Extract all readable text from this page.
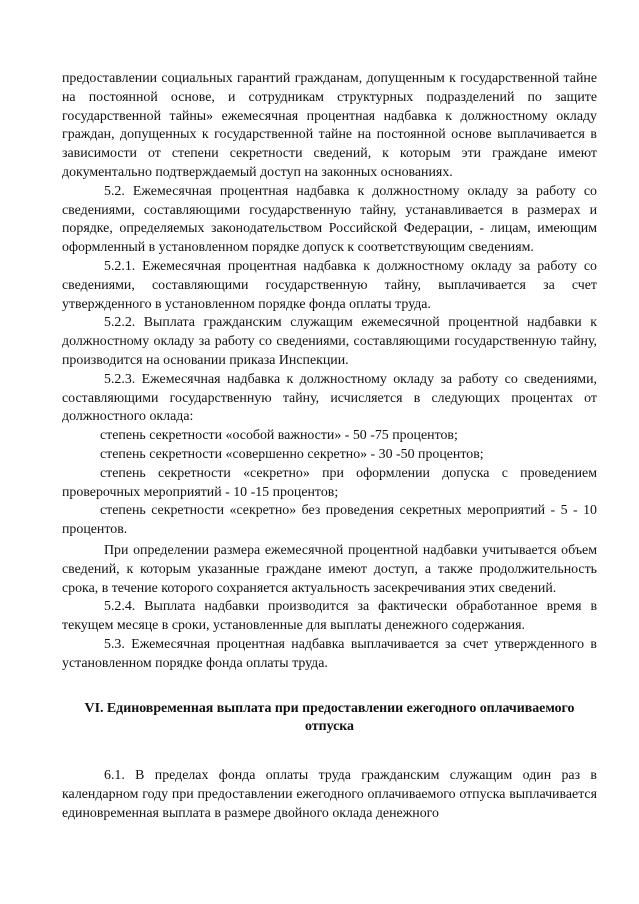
предоставлении социальных гарантий гражданам, допущенным к государственной тайне на постоянной основе, и сотрудникам структурных подразделений по защите государственной тайны» ежемесячная процентная надбавка к должностному окладу граждан, допущенных к государственной тайне на постоянной основе выплачивается в зависимости от степени секретности сведений, к которым эти граждане имеют документально подтверждаемый доступ на законных основаниях.

5.2. Ежемесячная процентная надбавка к должностному окладу за работу со сведениями, составляющими государственную тайну, устанавливается в размерах и порядке, определяемых законодательством Российской Федерации, - лицам, имеющим оформленный в установленном порядке допуск к соответствующим сведениям.

5.2.1. Ежемесячная процентная надбавка к должностному окладу за работу со сведениями, составляющими государственную тайну, выплачивается за счет утвержденного в установленном порядке фонда оплаты труда.

5.2.2. Выплата гражданским служащим ежемесячной процентной надбавки к должностному окладу за работу со сведениями, составляющими государственную тайну, производится на основании приказа Инспекции.

5.2.3. Ежемесячная надбавка к должностному окладу за работу со сведениями, составляющими государственную тайну, исчисляется в следующих процентах от должностного оклада:

степень секретности «особой важности» - 50 -75 процентов;

степень секретности «совершенно секретно» - 30 -50 процентов;

степень секретности «секретно» при оформлении допуска с проведением проверочных мероприятий - 10 -15 процентов;

степень секретности «секретно» без проведения секретных мероприятий - 5 - 10 процентов.

При определении размера ежемесячной процентной надбавки учитывается объем сведений, к которым указанные граждане имеют доступ, а также продолжительность срока, в течение которого сохраняется актуальность засекречивания этих сведений.

5.2.4. Выплата надбавки производится за фактически обработанное время в текущем месяце в сроки, установленные для выплаты денежного содержания.

5.3. Ежемесячная процентная надбавка выплачивается за счет утвержденного в установленном порядке фонда оплаты труда.

VI. Единовременная выплата при предоставлении ежегодного оплачиваемого отпуска

6.1. В пределах фонда оплаты труда гражданским служащим один раз в календарном году при предоставлении ежегодного оплачиваемого отпуска выплачивается единовременная выплата в размере двойного оклада денежного
